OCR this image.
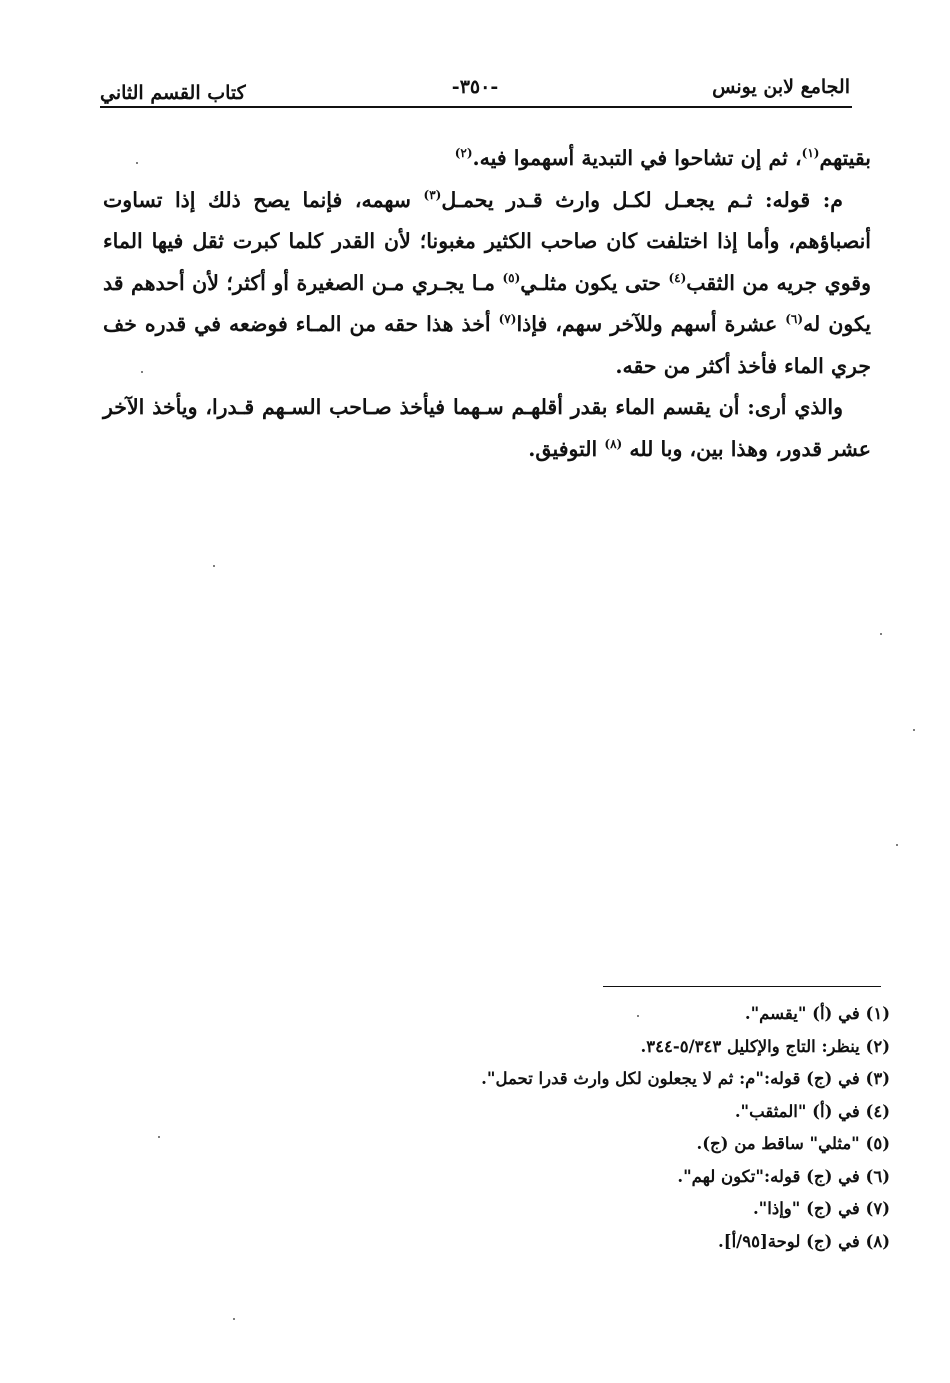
الجامع لابن يونس
-٣٥٠-
كتاب القسم الثاني

بقيتهم$^{(١)}$، ثم إن تشاحوا في التبدية أسهموا فيه.$^{(٢)}$

م: قوله: ثـم يجعـل لكـل وارث قـدر يحمـل$^{(٣)}$ سهمه، فإنما يصح ذلك إذا تساوت أنصباؤهم، وأما إذا اختلفت كان صاحب الكثير مغبونا؛ لأن القدر كلما كبرت ثقل فيها الماء وقوي جريه من الثقب$^{(٤)}$ حتى يكون مثلـي$^{(٥)}$ مـا يجـري مـن الصغيرة أو أكثر؛ لأن أحدهم قد يكون له$^{(٦)}$ عشرة أسهم وللآخر سهم، فإذا$^{(٧)}$ أخذ هذا حقه من المـاء فوضعه في قدره خف جري الماء فأخذ أكثر من حقه.

والذي أرى: أن يقسم الماء بقدر أقلهـم سـهما فيأخذ صـاحب السـهم قـدرا، ويأخذ الآخر عشر قدور، وهذا بين، وبا لله $^{(٨)}$ التوفيق.

(١) في (أ) "يقسم".
(٢) ينظر: التاج والإكليل ٥/٣٤٣-٣٤٤.
(٣) في (ج) قوله:"م: ثم لا يجعلون لكل وارث قدرا تحمل".
(٤) في (أ) "المثقب".
(٥) "مثلي" ساقط من (ج).
(٦) في (ج) قوله:"تكون لهم".
(٧) في (ج) "وإذا".
(٨) في (ج) لوحة[٩٥/أ].
